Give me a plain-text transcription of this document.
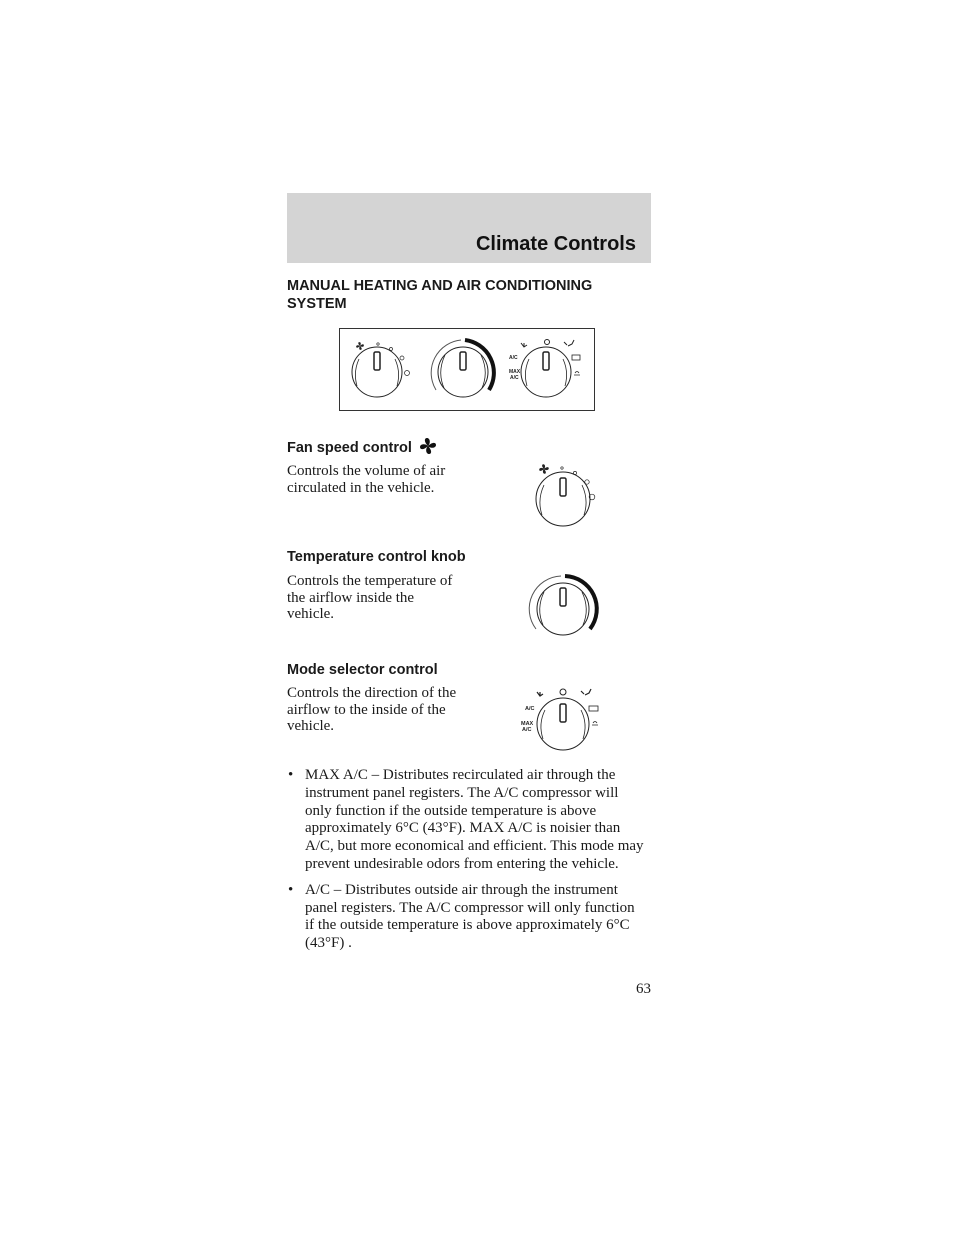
Climate Controls
MANUAL HEATING AND AIR CONDITIONING SYSTEM
A/C
MAX
A/C
Fan speed control
Controls the volume of air circulated in the vehicle.
Temperature control knob
Controls the temperature of the airflow inside the vehicle.
Mode selector control
Controls the direction of the airflow to the inside of the vehicle.
A/C
MAX
A/C
• MAX A/C – Distributes recirculated air through the instrument panel registers. The A/C compressor will only function if the outside temperature is above approximately 6°C (43°F). MAX A/C is noisier than A/C, but more economical and efficient. This mode may prevent undesirable odors from entering the vehicle.
• A/C – Distributes outside air through the instrument panel registers. The A/C compressor will only function if the outside temperature is above approximately 6°C (43°F) .
63
